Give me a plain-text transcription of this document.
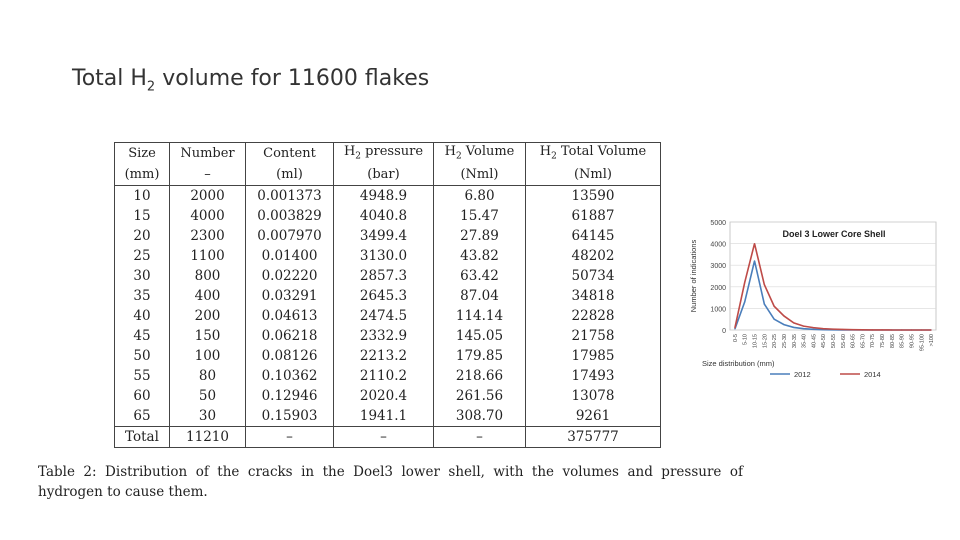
Total $H_2$ volume for 11600 flakes
Size	Number	Content	$H_2$ pressure	$H_2$ Volume	$H_2$ Total Volume
(mm)	–	(ml)	(bar)	(Nml)	(Nml)
10	2000	0.001373	4948.9	6.80	13590
15	4000	0.003829	4040.8	15.47	61887
20	2300	0.007970	3499.4	27.89	64145
25	1100	0.01400	3130.0	43.82	48202
30	800	0.02220	2857.3	63.42	50734
35	400	0.03291	2645.3	87.04	34818
40	200	0.04613	2474.5	114.14	22828
45	150	0.06218	2332.9	145.05	21758
50	100	0.08126	2213.2	179.85	17985
55	80	0.10362	2110.2	218.66	17493
60	50	0.12946	2020.4	261.56	13078
65	30	0.15903	1941.1	308.70	9261
Total	11210	–	–	–	375777
Table 2: Distribution of the cracks in the Doel3 lower shell, with the volumes and pressure of hydrogen to cause them.
0
1000
2000
3000
4000
5000
0-5 5-10 10-15 15-20 20-25 25-30 30-35 35-40 40-45 45-50 50-55 55-60 60-65 65-70 70-75 75-80 80-85 85-90 90-95 95-100 >100
Doel 3 Lower Core Shell
Number of indications
Size distribution (mm)
2012	2014
